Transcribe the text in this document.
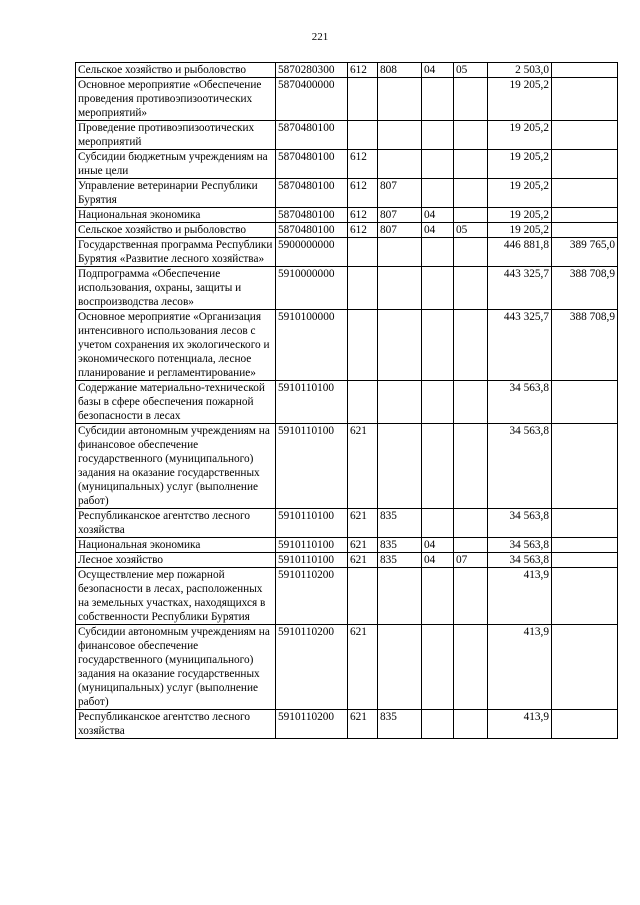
221
Сельское хозяйство и рыболовство	5870280300	612	808	04	05	2 503,0	
Основное мероприятие «Обеспечение проведения противоэпизоотических мероприятий»	5870400000					19 205,2	
Проведение противоэпизоотических мероприятий	5870480100					19 205,2	
Субсидии бюджетным учреждениям на иные цели	5870480100	612				19 205,2	
Управление ветеринарии Республики Бурятия	5870480100	612	807			19 205,2	
Национальная экономика	5870480100	612	807	04		19 205,2	
Сельское хозяйство и рыболовство	5870480100	612	807	04	05	19 205,2	
Государственная программа Республики Бурятия «Развитие лесного хозяйства»	5900000000					446 881,8	389 765,0
Подпрограмма «Обеспечение использования, охраны, защиты и воспроизводства лесов»	5910000000					443 325,7	388 708,9
Основное мероприятие «Организация интенсивного использования лесов с учетом сохранения их экологического и экономического потенциала, лесное планирование и регламентирование»	5910100000					443 325,7	388 708,9
Содержание материально-технической базы в сфере обеспечения пожарной безопасности в лесах	5910110100					34 563,8	
Субсидии автономным учреждениям на финансовое обеспечение государственного (муниципального) задания на оказание государственных (муниципальных) услуг (выполнение работ)	5910110100	621				34 563,8	
Республиканское агентство лесного хозяйства	5910110100	621	835			34 563,8	
Национальная экономика	5910110100	621	835	04		34 563,8	
Лесное хозяйство	5910110100	621	835	04	07	34 563,8	
Осуществление мер пожарной безопасности в лесах, расположенных на земельных участках, находящихся в собственности Республики Бурятия	5910110200					413,9	
Субсидии автономным учреждениям на финансовое обеспечение государственного (муниципального) задания на оказание государственных (муниципальных) услуг (выполнение работ)	5910110200	621				413,9	
Республиканское агентство лесного хозяйства	5910110200	621	835			413,9	
